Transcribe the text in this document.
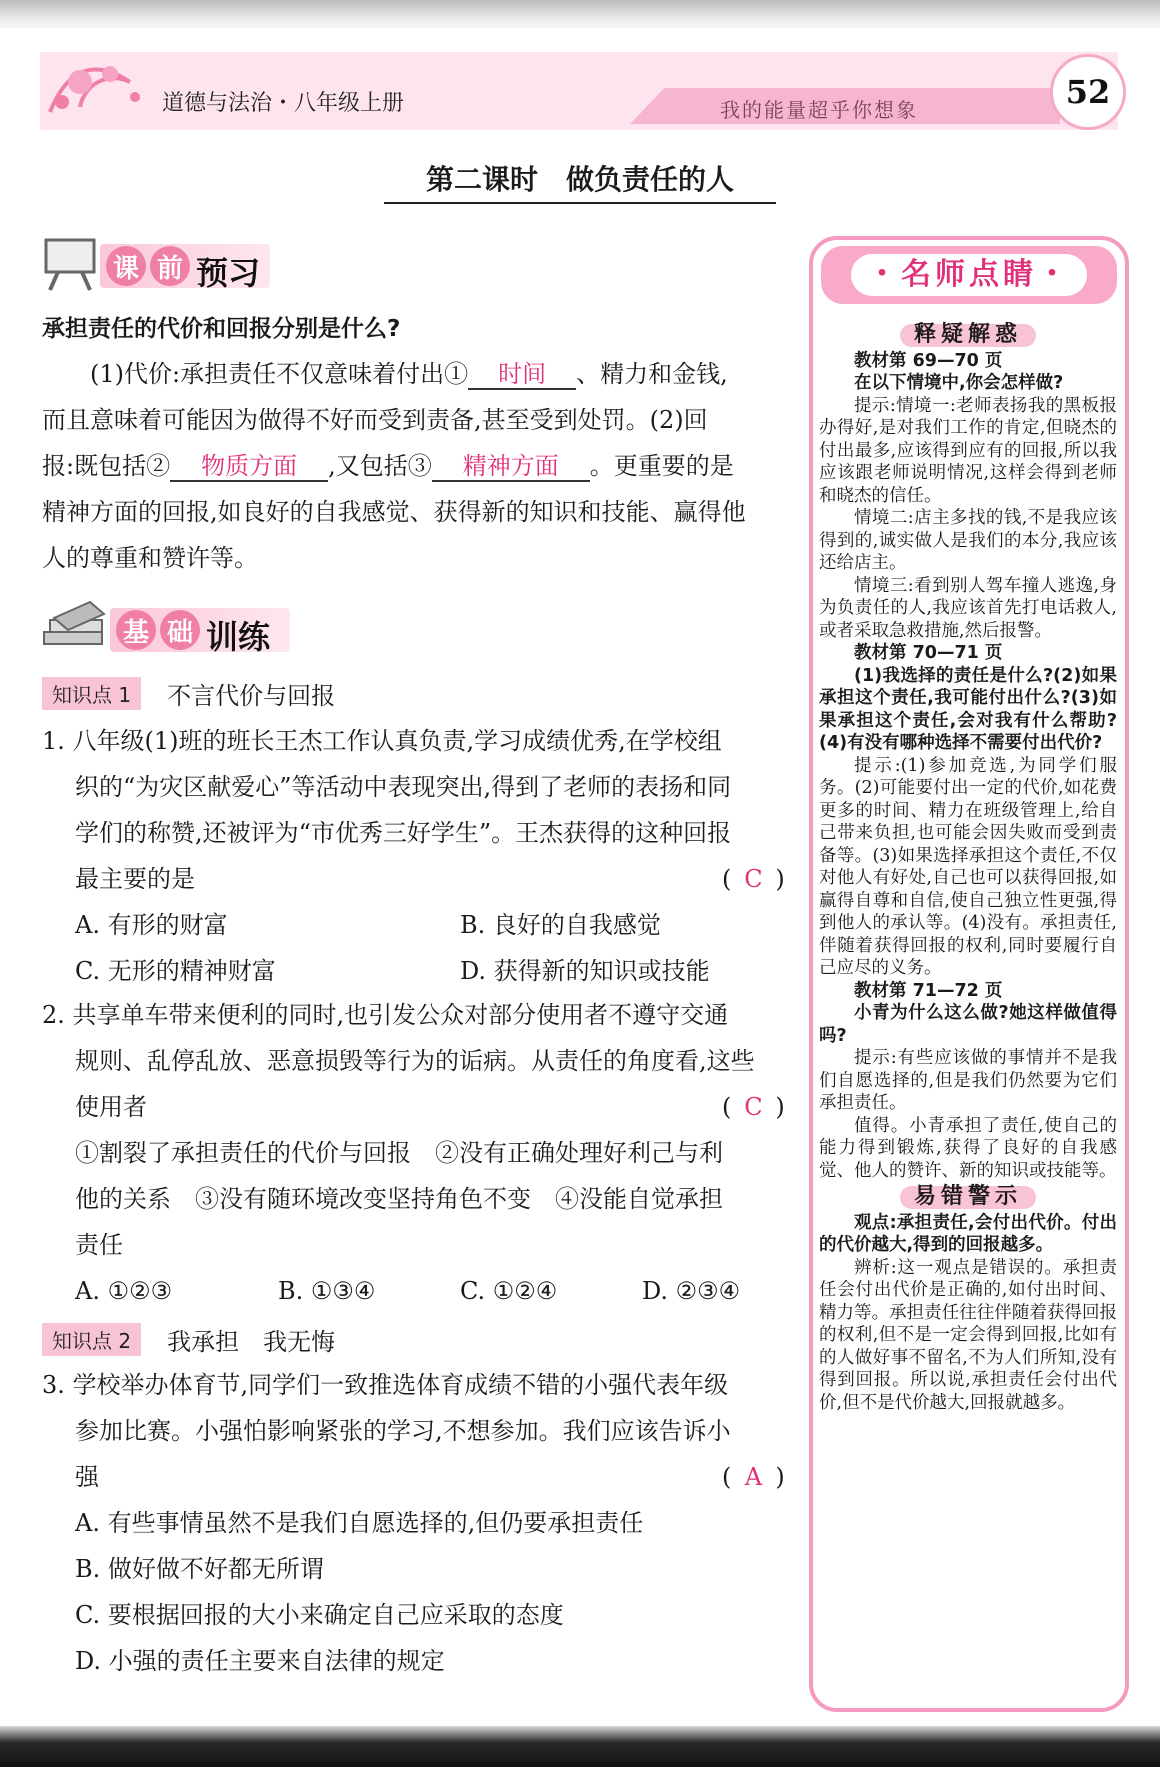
道德与法治・八年级上册	我的能量超乎你想象	52
第二课时　做负责任的人
课 前 预习
承担责任的代价和回报分别是什么?
(1)代价:承担责任不仅意味着付出① 时间 、精力和金钱,
而且意味着可能因为做得不好而受到责备,甚至受到处罚。(2)回
报:既包括② 物质方面 ,又包括③ 精神方面 。更重要的是
精神方面的回报,如良好的自我感觉、获得新的知识和技能、赢得他
人的尊重和赞许等。
基 础 训练
知识点 1	不言代价与回报
1. 八年级(1)班的班长王杰工作认真负责,学习成绩优秀,在学校组
织的“为灾区献爱心”等活动中表现突出,得到了老师的表扬和同
学们的称赞,还被评为“市优秀三好学生”。王杰获得的这种回报
最主要的是	( C )
A. 有形的财富	B. 良好的自我感觉
C. 无形的精神财富	D. 获得新的知识或技能
2. 共享单车带来便利的同时,也引发公众对部分使用者不遵守交通
规则、乱停乱放、恶意损毁等行为的诟病。从责任的角度看,这些
使用者	( C )
①割裂了承担责任的代价与回报　②没有正确处理好利己与利
他的关系　③没有随环境改变坚持角色不变　④没能自觉承担
责任
A. ①②③	B. ①③④	C. ①②④	D. ②③④
知识点 2	我承担　我无悔
3. 学校举办体育节,同学们一致推选体育成绩不错的小强代表年级
参加比赛。小强怕影响紧张的学习,不想参加。我们应该告诉小
强	( A )
A. 有些事情虽然不是我们自愿选择的,但仍要承担责任
B. 做好做不好都无所谓
C. 要根据回报的大小来确定自己应采取的态度
D. 小强的责任主要来自法律的规定
・名师点睛・
释疑解惑

教材第 69—70 页

在以下情境中,你会怎样做?

提示:情境一:老师表扬我的黑板报办得好,是对我们工作的肯定,但晓杰的付出最多,应该得到应有的回报,所以我应该跟老师说明情况,这样会得到老师和晓杰的信任。

情境二:店主多找的钱,不是我应该得到的,诚实做人是我们的本分,我应该还给店主。

情境三:看到别人驾车撞人逃逸,身为负责任的人,我应该首先打电话救人,或者采取急救措施,然后报警。

教材第 70—71 页

(1)我选择的责任是什么?(2)如果承担这个责任,我可能付出什么?(3)如果承担这个责任,会对我有什么帮助?(4)有没有哪种选择不需要付出代价?

提示:(1)参加竞选,为同学们服务。(2)可能要付出一定的代价,如花费更多的时间、精力在班级管理上,给自己带来负担,也可能会因失败而受到责备等。(3)如果选择承担这个责任,不仅对他人有好处,自己也可以获得回报,如赢得自尊和自信,使自己独立性更强,得到他人的承认等。(4)没有。承担责任,伴随着获得回报的权利,同时要履行自己应尽的义务。

教材第 71—72 页

小青为什么这么做?她这样做值得吗?

提示:有些应该做的事情并不是我们自愿选择的,但是我们仍然要为它们承担责任。

值得。小青承担了责任,使自己的能力得到锻炼,获得了良好的自我感觉、他人的赞许、新的知识或技能等。

易错警示

观点:承担责任,会付出代价。付出的代价越大,得到的回报越多。

辨析:这一观点是错误的。承担责任会付出代价是正确的,如付出时间、精力等。承担责任往往伴随着获得回报的权利,但不是一定会得到回报,比如有的人做好事不留名,不为人们所知,没有得到回报。所以说,承担责任会付出代价,但不是代价越大,回报就越多。
